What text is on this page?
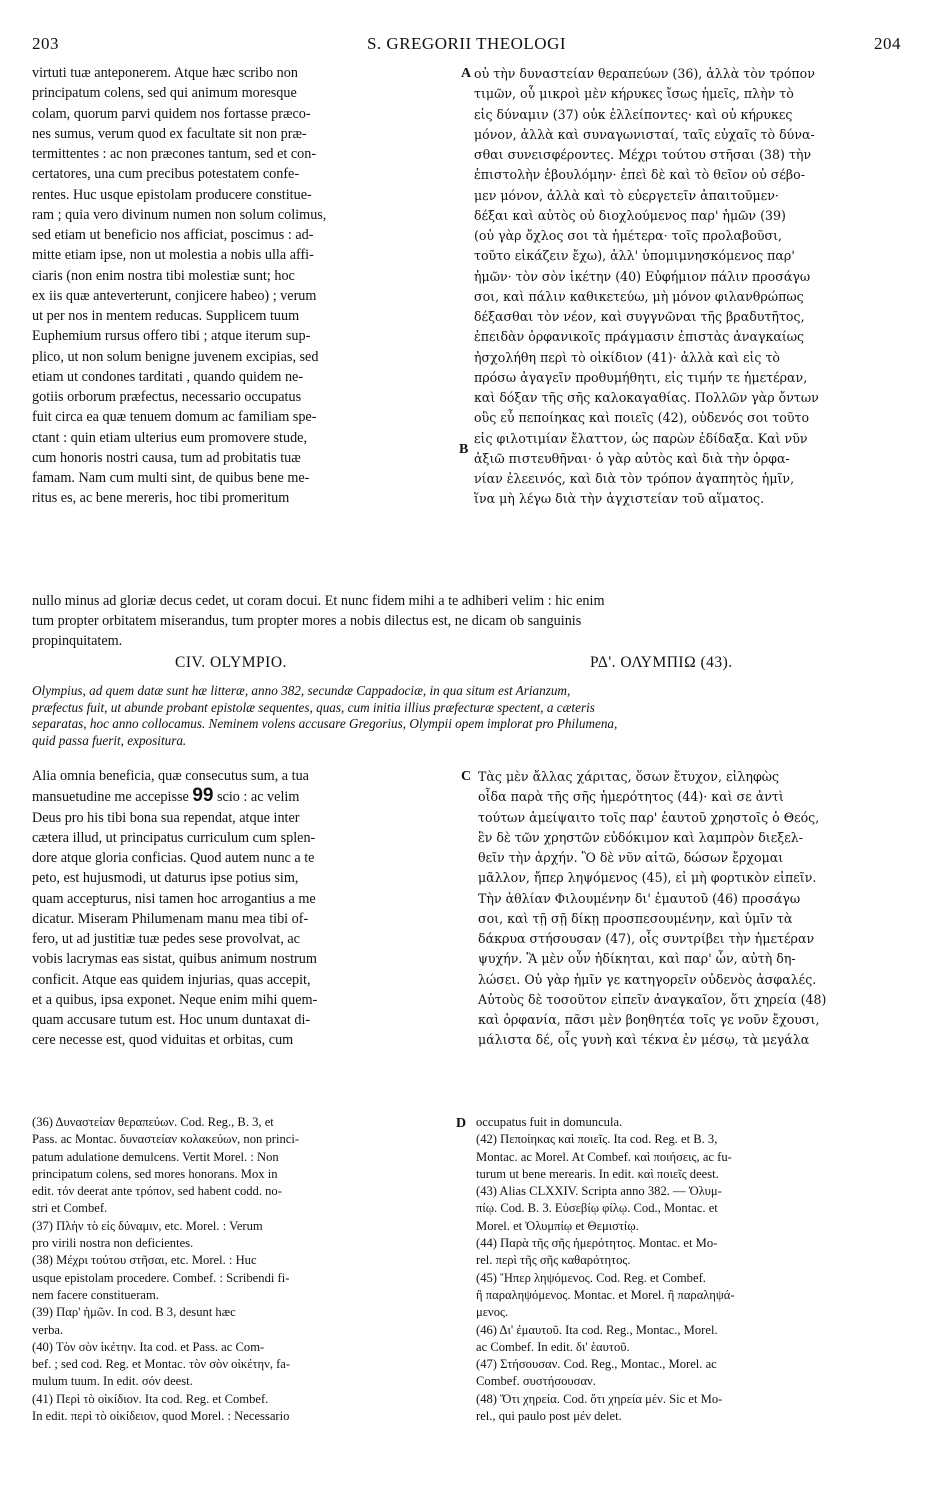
203	S. GREGORII THEOLOGI	204
virtuti tuæ anteponerem. Atque hæc scribo non
principatum colens, sed qui animum moresque
colam, quorum parvi quidem nos fortasse præco-
nes sumus, verum quod ex facultate sit non præ-
termittentes : ac non præcones tantum, sed et con-
certatores, una cum precibus potestatem confe-
rentes. Huc usque epistolam producere constitue-
ram ; quia vero divinum numen non solum colimus,
sed etiam ut beneficio nos afficiat, poscimus : ad-
mitte etiam ipse, non ut molestia a nobis ulla affi-
ciaris (non enim nostra tibi molestiæ sunt; hoc
ex iis quæ anteverterunt, conjicere habeo) ; verum
ut per nos in mentem reducas. Supplicem tuum
Euphemium rursus offero tibi ; atque iterum sup-
plico, ut non solum benigne juvenem excipias, sed
etiam ut condones tarditati , quando quidem ne-
gotiis orborum præfectus, necessario occupatus
fuit circa ea quæ tenuem domum ac familiam spe-
ctant : quin etiam ulterius eum promovere stude,
cum honoris nostri causa, tum ad probitatis tuæ
famam. Nam cum multi sint, de quibus bene me-
ritus es, ac bene mereris, hoc tibi promeritum
οὐ τὴν δυναστείαν θεραπεύων (36), ἀλλὰ τὸν τρόπον
τιμῶν, οὗ μικροὶ μὲν κήρυκες ἴσως ἡμεῖς, πλὴν τὸ
εἰς δύναμιν (37) οὐκ ἐλλείποντες· καὶ οὐ κήρυκες
μόνον, ἀλλὰ καὶ συναγωνισταί, ταῖς εὐχαῖς τὸ δύνα-
σθαι συνεισφέροντες. Μέχρι τούτου στῆσαι (38) τὴν
ἐπιστολὴν ἐβουλόμην· ἐπεὶ δὲ καὶ τὸ θεῖον οὐ σέβο-
μεν μόνον, ἀλλὰ καὶ τὸ εὐεργετεῖν ἀπαιτοῦμεν·
δέξαι καὶ αὐτὸς οὐ διοχλούμενος παρ' ἡμῶν (39)
(οὐ γὰρ ὄχλος σοι τὰ ἡμέτερα· τοῖς προλαβοῦσι,
τοῦτο εἰκάζειν ἔχω), ἀλλ' ὑπομιμνησκόμενος παρ'
ἡμῶν· τὸν σὸν ἱκέτην (40) Εὐφήμιον πάλιν προσάγω
σοι, καὶ πάλιν καθικετεύω, μὴ μόνον φιλανθρώπως
δέξασθαι τὸν νέον, καὶ συγγνῶναι τῆς βραδυτῆτος,
ἐπειδὰν ὀρφανικοῖς πράγμασιν ἐπιστὰς ἀναγκαίως
ἠσχολήθη περὶ τὸ οἰκίδιον (41)· ἀλλὰ καὶ εἰς τὸ
πρόσω ἀγαγεῖν προθυμήθητι, εἰς τιμήν τε ἡμετέραν,
καὶ δόξαν τῆς σῆς καλοκαγαθίας. Πολλῶν γὰρ ὄντων
οὓς εὖ πεποίηκας καὶ ποιεῖς (42), οὐδενός σοι τοῦτο
εἰς φιλοτιμίαν ἔλαττον, ὡς παρὼν ἐδίδαξα. Καὶ νῦν
ἀξιῶ πιστευθῆναι· ὁ γὰρ αὐτὸς καὶ διὰ τὴν ὀρφα-
νίαν ἐλεεινός, καὶ διὰ τὸν τρόπον ἀγαπητὸς ἡμῖν,
ἵνα μὴ λέγω διὰ τὴν ἀγχιστείαν τοῦ αἵματος.
A
B
nullo minus ad gloriæ decus cedet, ut coram docui. Et nunc fidem mihi a te adhiberi velim : hic enim
tum propter orbitatem miserandus, tum propter mores a nobis dilectus est, ne dicam ob sanguinis
propinquitatem.
CIV. OLYMPIO.	ΡΔ'. ΟΛΥΜΠΙΩ (43).
Olympius, ad quem datæ sunt hæ litteræ, anno 382, secundæ Cappadociæ, in qua situm est Arianzum,
præfectus fuit, ut abunde probant epistolæ sequentes, quas, cum initia illius præfecturæ spectent, a cæteris
separatas, hoc anno collocamus. Neminem volens accusare Gregorius, Olympii opem implorat pro Philumena,
quid passa fuerit, expositura.
Alia omnia beneficia, quæ consecutus sum, a tua
mansuetudine me accepisse 99 scio : ac velim
Deus pro his tibi bona sua rependat, atque inter
cætera illud, ut principatus curriculum cum splen-
dore atque gloria conficias. Quod autem nunc a te
peto, est hujusmodi, ut daturus ipse potius sim,
quam accepturus, nisi tamen hoc arrogantius a me
dicatur. Miseram Philumenam manu mea tibi of-
fero, ut ad justitiæ tuæ pedes sese provolvat, ac
vobis lacrymas eas sistat, quibus animum nostrum
conficit. Atque eas quidem injurias, quas accepit,
et a quibus, ipsa exponet. Neque enim mihi quem-
quam accusare tutum est. Hoc unum duntaxat di-
cere necesse est, quod viduitas et orbitas, cum
Τὰς μὲν ἄλλας χάριτας, ὅσων ἔτυχον, εἰληφὼς
οἶδα παρὰ τῆς σῆς ἡμερότητος (44)· καὶ σε ἀντὶ
τούτων ἀμείψαιτο τοῖς παρ' ἑαυτοῦ χρηστοῖς ὁ Θεός,
ἓν δὲ τῶν χρηστῶν εὐδόκιμον καὶ λαμπρὸν διεξελ-
θεῖν τὴν ἀρχήν. Ὃ δὲ νῦν αἰτῶ, δώσων ἔρχομαι
μᾶλλον, ἤπερ ληψόμενος (45), εἰ μὴ φορτικὸν εἰπεῖν.
Τὴν ἀθλίαν Φιλουμένην δι' ἐμαυτοῦ (46) προσάγω
σοι, καὶ τῇ σῇ δίκῃ προσπεσουμένην, καὶ ὑμῖν τὰ
δάκρυα στήσουσαν (47), οἷς συντρίβει τὴν ἡμετέραν
ψυχήν. Ἃ μὲν οὖν ἠδίκηται, καὶ παρ' ὧν, αὐτὴ δη-
λώσει. Οὐ γὰρ ἡμῖν γε κατηγορεῖν οὐδενὸς ἀσφαλές.
Αὐτοὺς δὲ τοσοῦτον εἰπεῖν ἀναγκαῖον, ὅτι χηρεία (48)
καὶ ὀρφανία, πᾶσι μὲν βοηθητέα τοῖς γε νοῦν ἔχουσι,
μάλιστα δέ, οἷς γυνὴ καὶ τέκνα ἐν μέσῳ, τὰ μεγάλα
C
D
(36) Δυναστείαν θεραπεύων. Cod. Reg., B. 3, et
Pass. ac Montac. δυναστείαν κολακεύων, non princi-
patum adulatione demulcens. Vertit Morel. : Non
principatum colens, sed mores honorans. Mox in
edit. τόν deerat ante τρόπον, sed habent codd. no-
stri et Combef.
(37) Πλὴν τὸ εἰς δύναμιν, etc. Morel. : Verum
pro virili nostra non deficientes.
(38) Μέχρι τούτου στῆσαι, etc. Morel. : Huc
usque epistolam procedere. Combef. : Scribendi fi-
nem facere constitueram.
(39) Παρ' ἡμῶν. In cod. B 3, desunt hæc
verba.
(40) Τὸν σὸν ἱκέτην. Ita cod. et Pass. ac Com-
bef. ; sed cod. Reg. et Montac. τὸν σὸν οἰκέτην, fa-
mulum tuum. In edit. σόν deest.
(41) Περὶ τὸ οἰκίδιον. Ita cod. Reg. et Combef.
In edit. περὶ τὸ οἰκίδειον, quod Morel. : Necessario
occupatus fuit in domuncula.
(42) Πεποίηκας καὶ ποιεῖς. Ita cod. Reg. et B. 3,
Montac. ac Morel. At Combef. καὶ ποιήσεις, ac fu-
turum ut bene merearis. In edit. καὶ ποιεῖς deest.
(43) Alias CLXXIV. Scripta anno 382. — Ὀλυμ-
πίῳ. Cod. B. 3. Εὐσεβίῳ φίλῳ. Cod., Montac. et
Morel. et Ὀλυμπίῳ et Θεμιστίῳ.
(44) Παρὰ τῆς σῆς ἡμερότητος. Montac. et Mo-
rel. περὶ τῆς σῆς καθαρότητος.
(45) Ἤπερ ληψόμενος. Cod. Reg. et Combef.
ἢ παραληψόμενος. Montac. et Morel. ἢ παραληψά-
μενος.
(46) Δι' ἐμαυτοῦ. Ita cod. Reg., Montac., Morel.
ac Combef. In edit. δι' ἑαυτοῦ.
(47) Στήσουσαν. Cod. Reg., Montac., Morel. ac
Combef. συστήσουσαν.
(48) Ὅτι χηρεία. Cod. ὅτι χηρεία μέν. Sic et Mo-
rel., qui paulo post μέν delet.
